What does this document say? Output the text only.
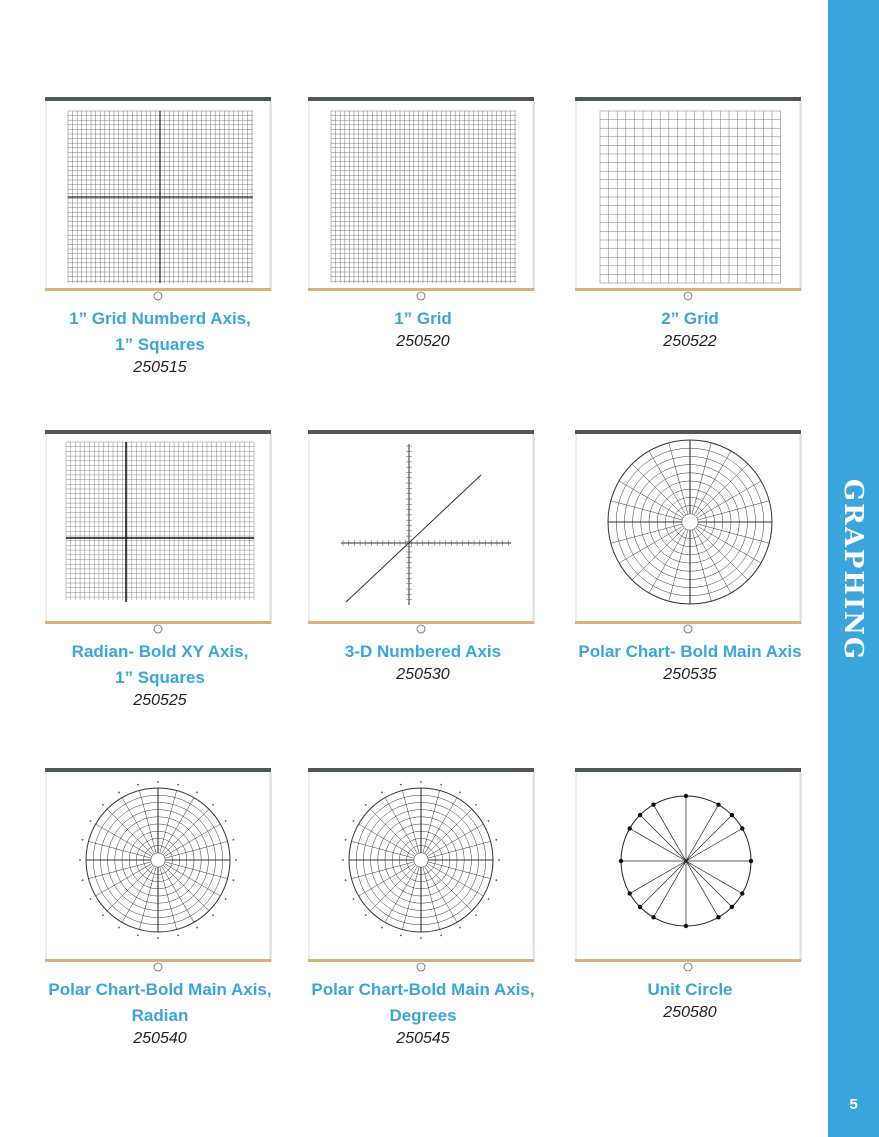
GRAPHING
5
1” Grid Numberd Axis,
1” Squares
250515
1” Grid
250520
2” Grid
250522
Radian- Bold XY Axis,
1” Squares
250525
3-D Numbered Axis
250530
Polar Chart- Bold Main Axis
250535
Polar Chart-Bold Main Axis,
Radian
250540
Polar Chart-Bold Main Axis,
Degrees
250545
Unit Circle
250580
